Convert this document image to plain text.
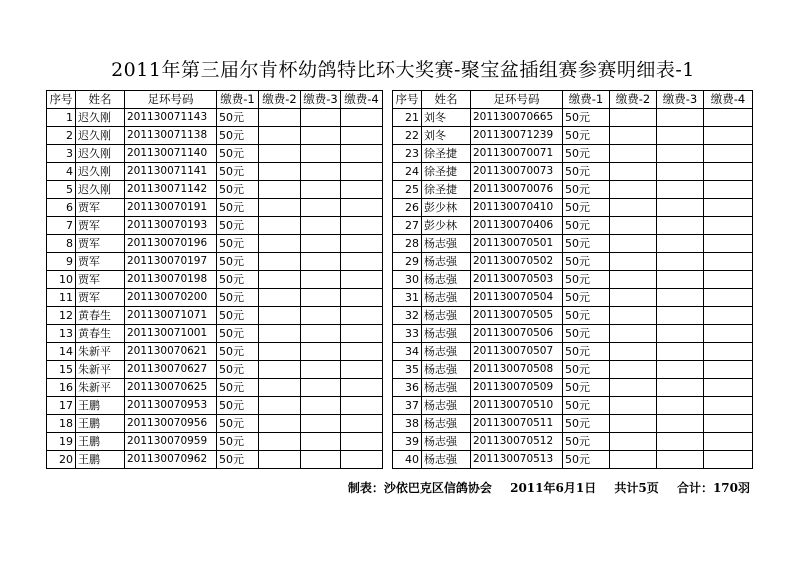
2011年第三届尔肯杯幼鸽特比环大奖赛-聚宝盆插组赛参赛明细表-1
序号	姓名	足环号码	缴费-1	缴费-2	缴费-3	缴费-4
1	迟久刚	201130071143	50元			
2	迟久刚	201130071138	50元			
3	迟久刚	201130071140	50元			
4	迟久刚	201130071141	50元			
5	迟久刚	201130071142	50元			
6	贾军	201130070191	50元			
7	贾军	201130070193	50元			
8	贾军	201130070196	50元			
9	贾军	201130070197	50元			
10	贾军	201130070198	50元			
11	贾军	201130070200	50元			
12	黄春生	201130071071	50元			
13	黄春生	201130071001	50元			
14	朱新平	201130070621	50元			
15	朱新平	201130070627	50元			
16	朱新平	201130070625	50元			
17	王鹏	201130070953	50元			
18	王鹏	201130070956	50元			
19	王鹏	201130070959	50元			
20	王鹏	201130070962	50元			
序号	姓名	足环号码	缴费-1	缴费-2	缴费-3	缴费-4
21	刘冬	201130070665	50元			
22	刘冬	201130071239	50元			
23	徐圣捷	201130070071	50元			
24	徐圣捷	201130070073	50元			
25	徐圣捷	201130070076	50元			
26	彭少林	201130070410	50元			
27	彭少林	201130070406	50元			
28	杨志强	201130070501	50元			
29	杨志强	201130070502	50元			
30	杨志强	201130070503	50元			
31	杨志强	201130070504	50元			
32	杨志强	201130070505	50元			
33	杨志强	201130070506	50元			
34	杨志强	201130070507	50元			
35	杨志强	201130070508	50元			
36	杨志强	201130070509	50元			
37	杨志强	201130070510	50元			
38	杨志强	201130070511	50元			
39	杨志强	201130070512	50元			
40	杨志强	201130070513	50元			
制表：沙依巴克区信鸽协会 2011年6月1日 共计5页 合计：170羽
